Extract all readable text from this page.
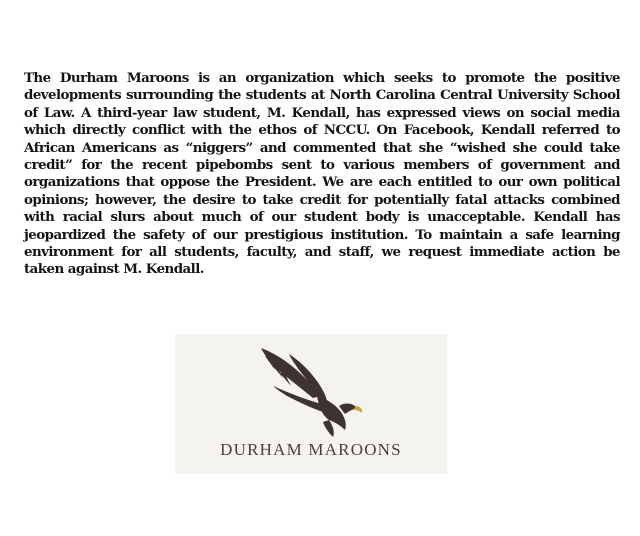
The Durham Maroons is an organization which seeks to promote the positive developments surrounding the students at North Carolina Central University School of Law. A third-year law student, M. Kendall, has expressed views on social media which directly conflict with the ethos of NCCU. On Facebook, Kendall referred to African Americans as “niggers” and commented that she “wished she could take credit” for the recent pipebombs sent to various members of government and organizations that oppose the President. We are each entitled to our own political opinions; however, the desire to take credit for potentially fatal attacks combined with racial slurs about much of our student body is unacceptable. Kendall has jeopardized the safety of our prestigious institution. To maintain a safe learning environment for all students, faculty, and staff, we request immediate action be taken against M. Kendall.

DURHAM MAROONS
